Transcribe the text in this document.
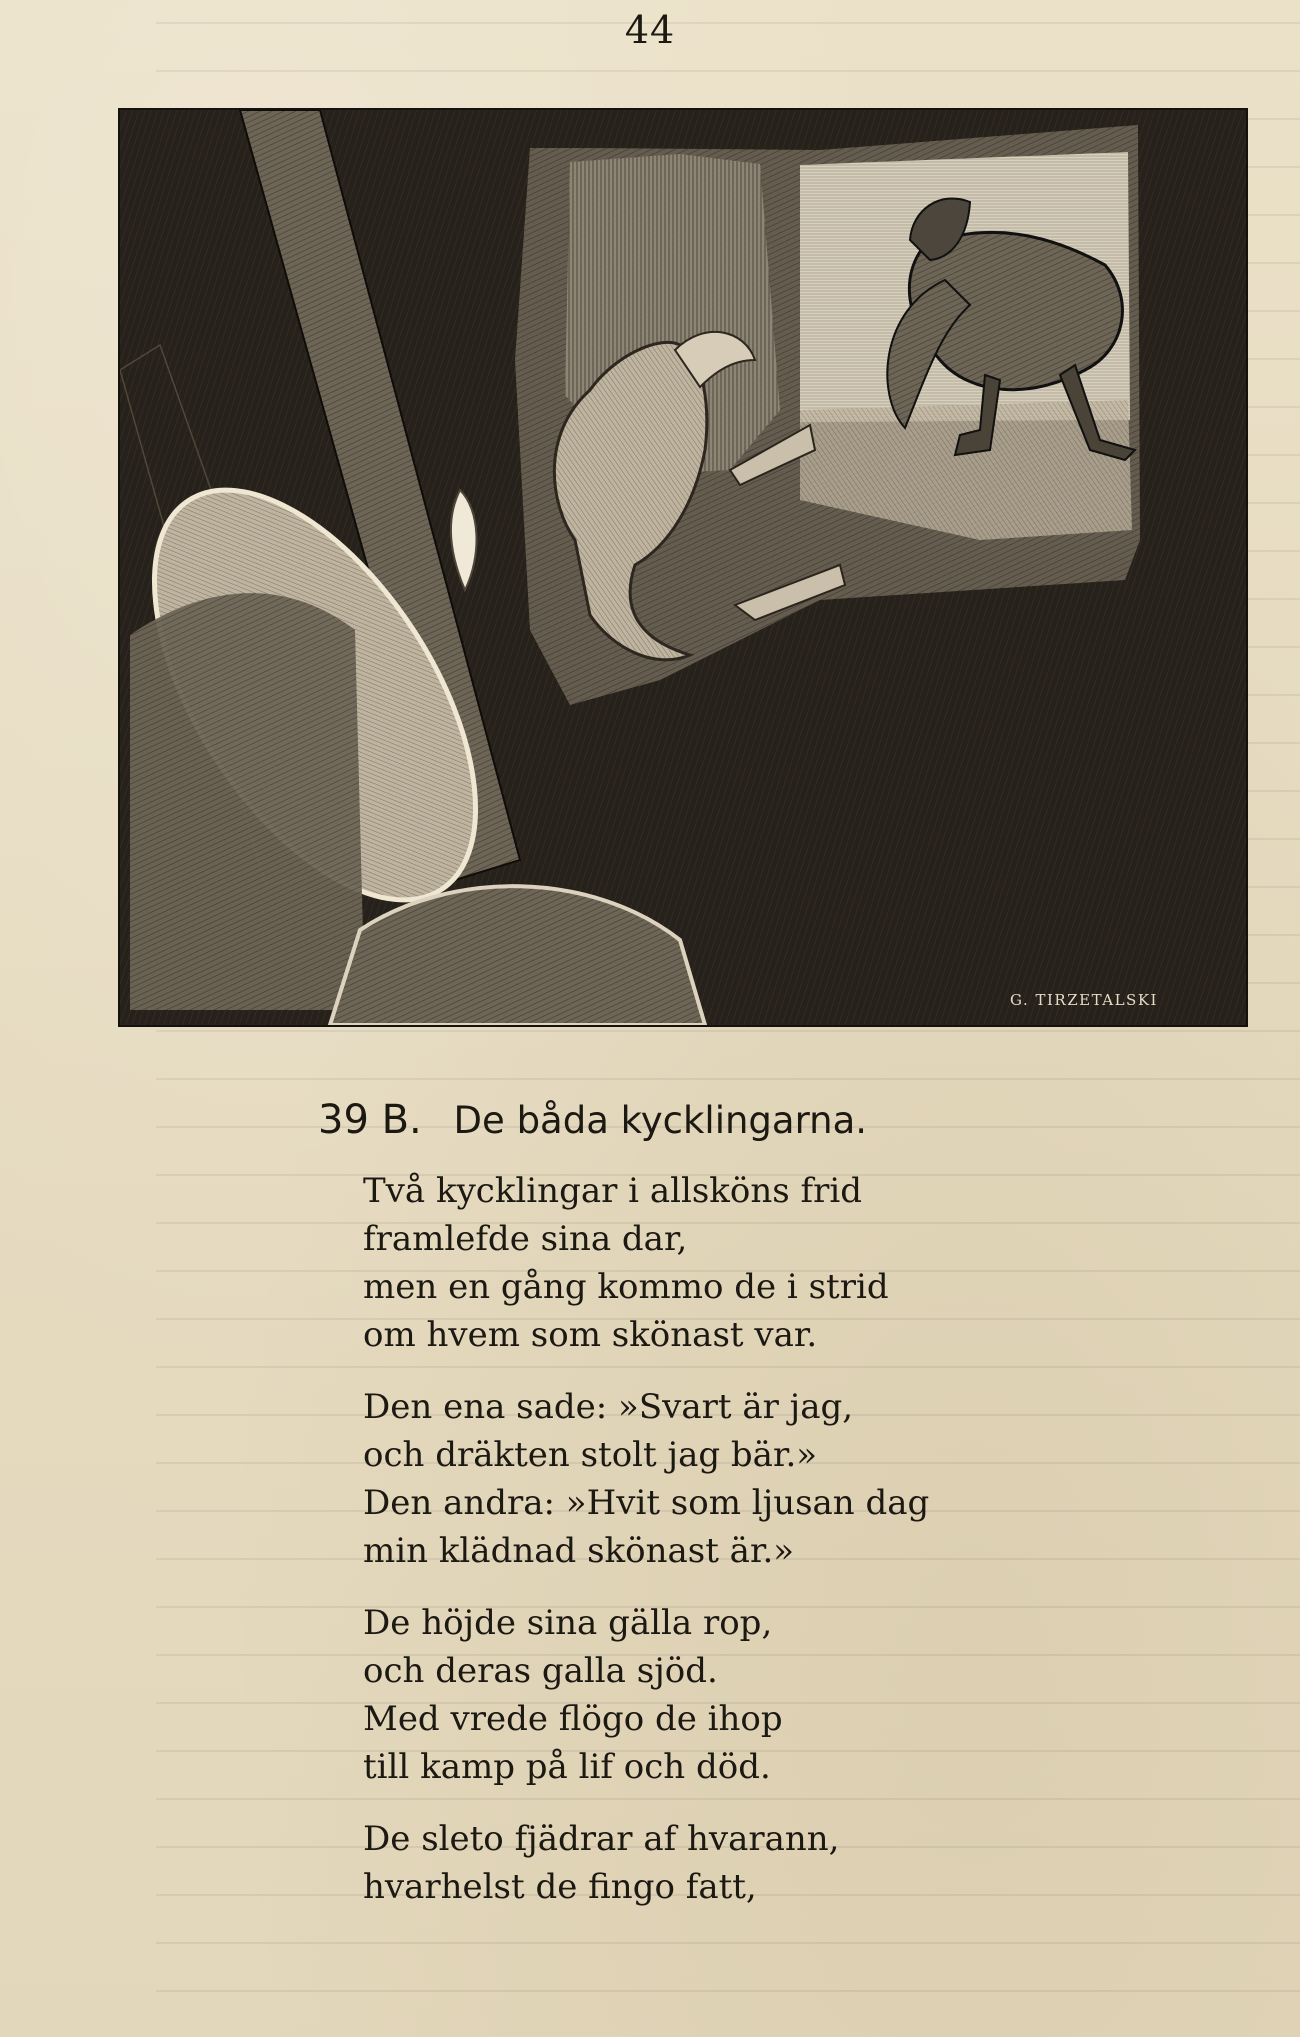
44
G. TIRZETALSKI
39 B. De båda kycklingarna.
Två kycklingar i allsköns frid
framlefde sina dar,
men en gång kommo de i strid
om hvem som skönast var.
Den ena sade: »Svart är jag,
och dräkten stolt jag bär.»
Den andra: »Hvit som ljusan dag
min klädnad skönast är.»
De höjde sina gälla rop,
och deras galla sjöd.
Med vrede flögo de ihop
till kamp på lif och död.
De sleto fjädrar af hvarann,
hvarhelst de fingo fatt,
